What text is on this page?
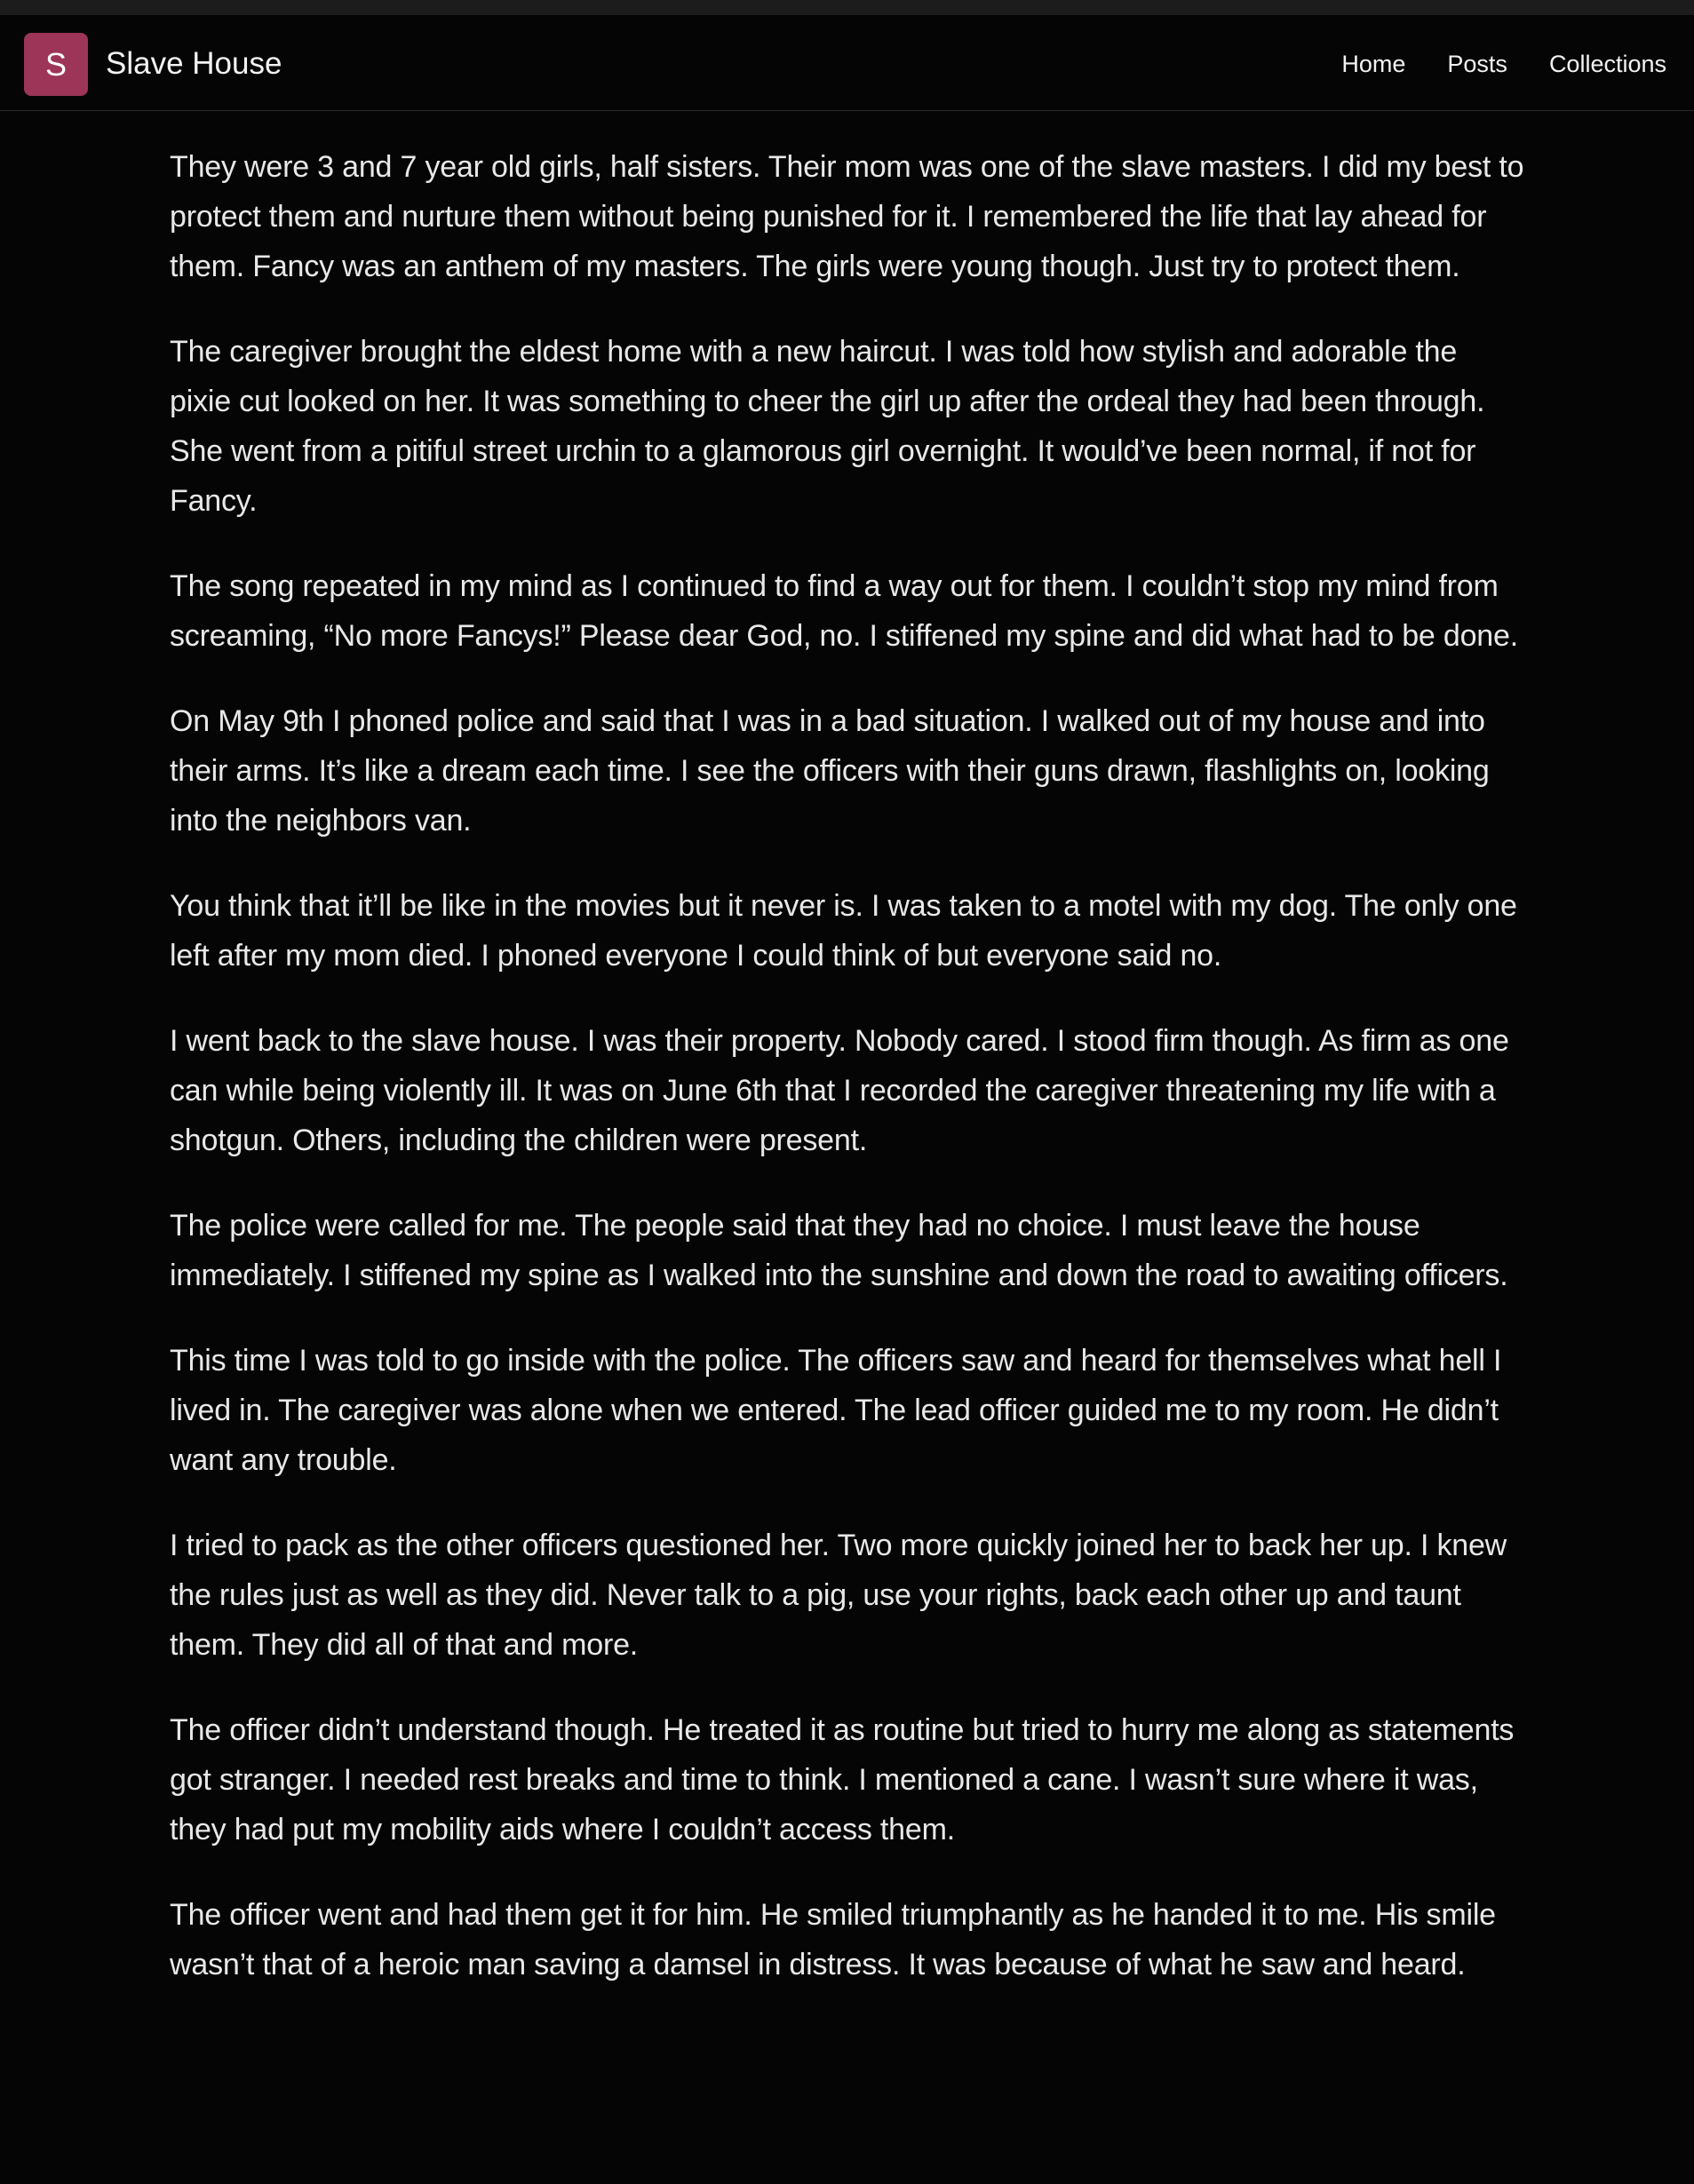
S	Slave House	Home Posts Collections

They were 3 and 7 year old girls, half sisters. Their mom was one of the slave masters. I did my best to protect them and nurture them without being punished for it. I remembered the life that lay ahead for them. Fancy was an anthem of my masters. The girls were young though. Just try to protect them.

The caregiver brought the eldest home with a new haircut. I was told how stylish and adorable the pixie cut looked on her. It was something to cheer the girl up after the ordeal they had been through. She went from a pitiful street urchin to a glamorous girl overnight. It would’ve been normal, if not for Fancy.

The song repeated in my mind as I continued to find a way out for them. I couldn’t stop my mind from screaming, “No more Fancys!” Please dear God, no. I stiffened my spine and did what had to be done.

On May 9th I phoned police and said that I was in a bad situation. I walked out of my house and into their arms. It’s like a dream each time. I see the officers with their guns drawn, flashlights on, looking into the neighbors van.

You think that it’ll be like in the movies but it never is. I was taken to a motel with my dog. The only one left after my mom died. I phoned everyone I could think of but everyone said no.

I went back to the slave house. I was their property. Nobody cared. I stood firm though. As firm as one can while being violently ill. It was on June 6th that I recorded the caregiver threatening my life with a shotgun. Others, including the children were present.

The police were called for me. The people said that they had no choice. I must leave the house immediately. I stiffened my spine as I walked into the sunshine and down the road to awaiting officers.

This time I was told to go inside with the police. The officers saw and heard for themselves what hell I lived in. The caregiver was alone when we entered. The lead officer guided me to my room. He didn’t want any trouble.

I tried to pack as the other officers questioned her. Two more quickly joined her to back her up. I knew the rules just as well as they did. Never talk to a pig, use your rights, back each other up and taunt them. They did all of that and more.

The officer didn’t understand though. He treated it as routine but tried to hurry me along as statements got stranger. I needed rest breaks and time to think. I mentioned a cane. I wasn’t sure where it was, they had put my mobility aids where I couldn’t access them.

The officer went and had them get it for him. He smiled triumphantly as he handed it to me. His smile wasn’t that of a heroic man saving a damsel in distress. It was because of what he saw and heard.
